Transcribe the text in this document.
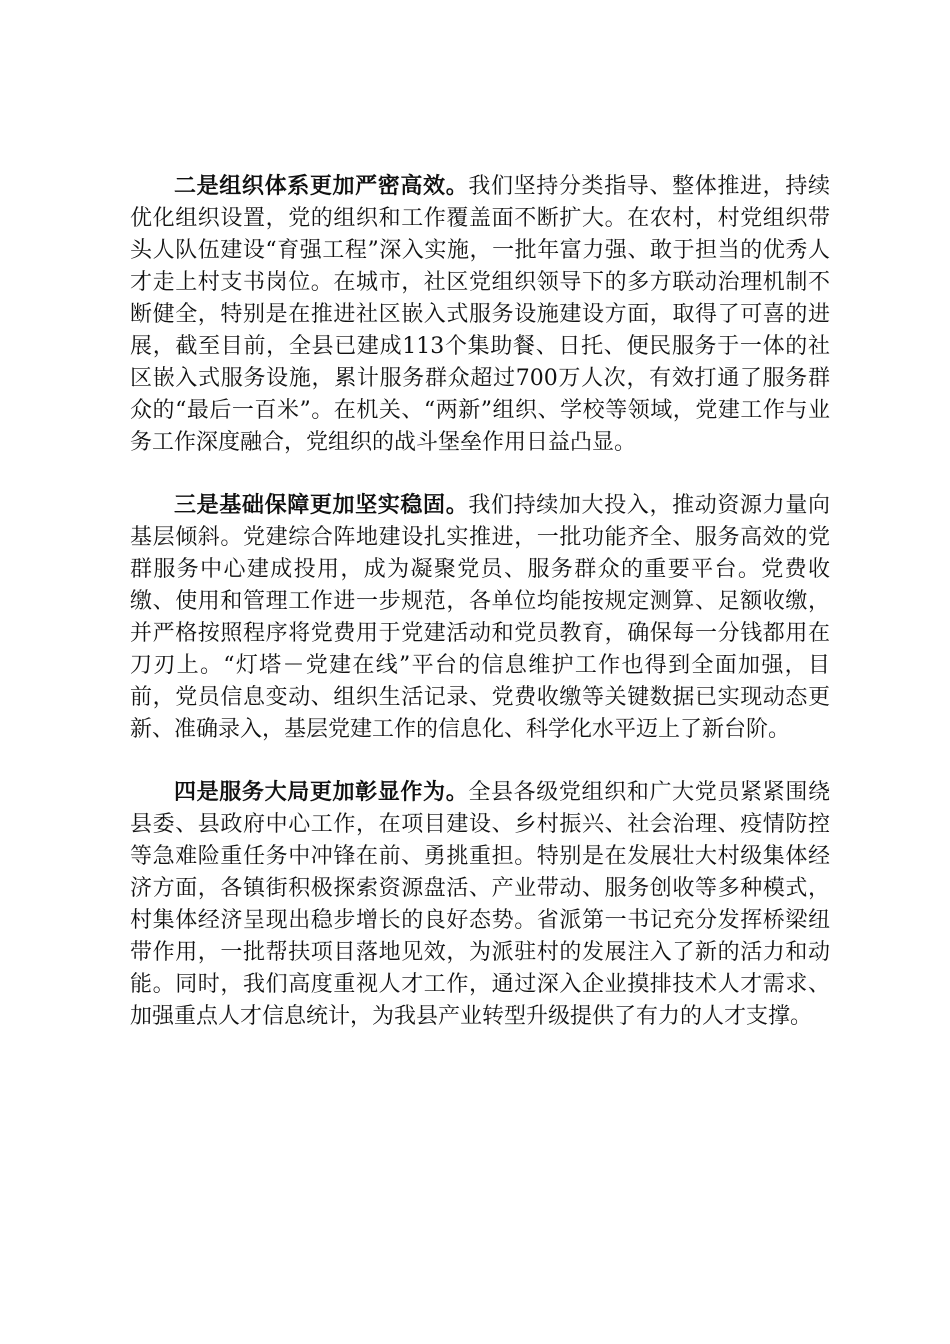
二是组织体系更加严密高效。我们坚持分类指导、整体推进，持续优化组织设置，党的组织和工作覆盖面不断扩大。在农村，村党组织带头人队伍建设“育强工程”深入实施，一批年富力强、敢于担当的优秀人才走上村支书岗位。在城市，社区党组织领导下的多方联动治理机制不断健全，特别是在推进社区嵌入式服务设施建设方面，取得了可喜的进展，截至目前，全县已建成113个集助餐、日托、便民服务于一体的社区嵌入式服务设施，累计服务群众超过700万人次，有效打通了服务群众的“最后一百米”。在机关、“两新”组织、学校等领域，党建工作与业务工作深度融合，党组织的战斗堡垒作用日益凸显。

三是基础保障更加坚实稳固。我们持续加大投入，推动资源力量向基层倾斜。党建综合阵地建设扎实推进，一批功能齐全、服务高效的党群服务中心建成投用，成为凝聚党员、服务群众的重要平台。党费收缴、使用和管理工作进一步规范，各单位均能按规定测算、足额收缴，并严格按照程序将党费用于党建活动和党员教育，确保每一分钱都用在刀刃上。“灯塔－党建在线”平台的信息维护工作也得到全面加强，目前，党员信息变动、组织生活记录、党费收缴等关键数据已实现动态更新、准确录入，基层党建工作的信息化、科学化水平迈上了新台阶。

四是服务大局更加彰显作为。全县各级党组织和广大党员紧紧围绕县委、县政府中心工作，在项目建设、乡村振兴、社会治理、疫情防控等急难险重任务中冲锋在前、勇挑重担。特别是在发展壮大村级集体经济方面，各镇街积极探索资源盘活、产业带动、服务创收等多种模式，村集体经济呈现出稳步增长的良好态势。省派第一书记充分发挥桥梁纽带作用，一批帮扶项目落地见效，为派驻村的发展注入了新的活力和动能。同时，我们高度重视人才工作，通过深入企业摸排技术人才需求、加强重点人才信息统计，为我县产业转型升级提供了有力的人才支撑。
